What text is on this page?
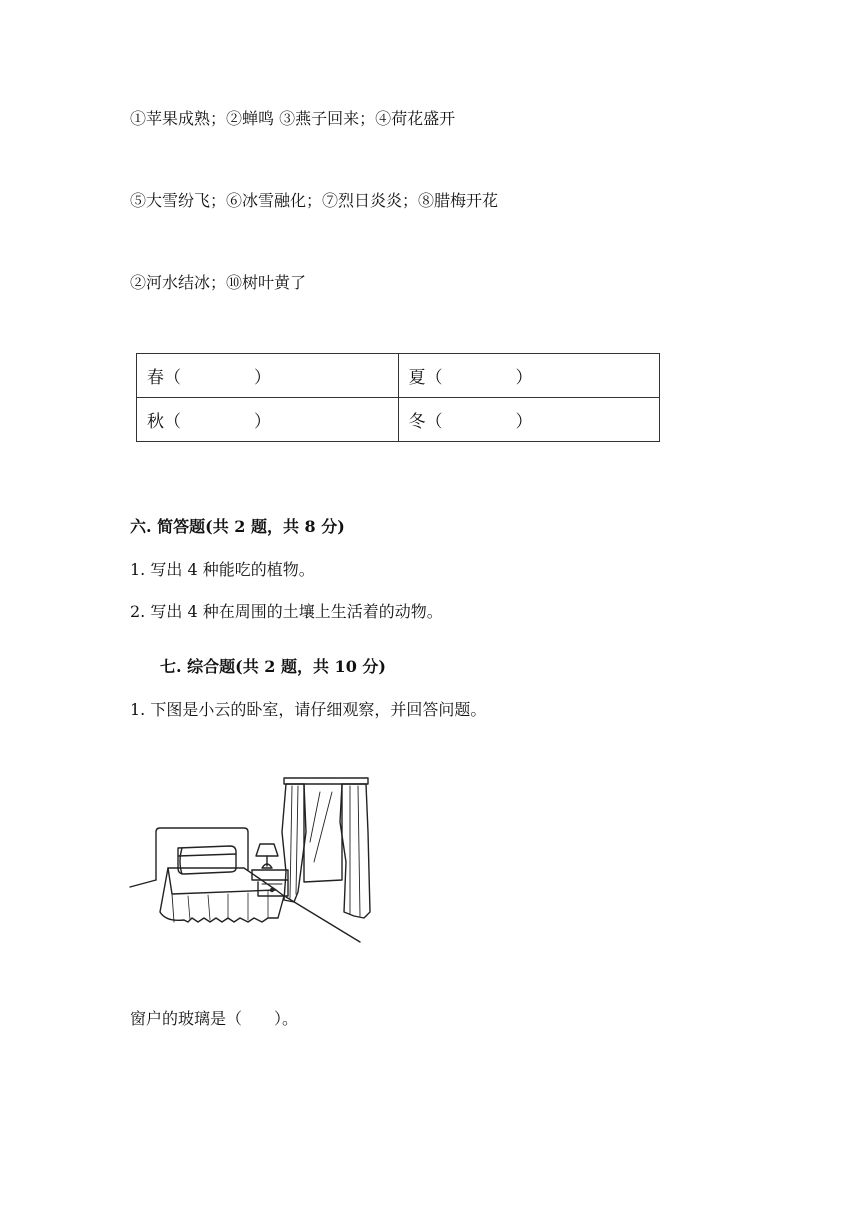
①苹果成熟；②蝉鸣 ③燕子回来；④荷花盛开
⑤大雪纷飞；⑥冰雪融化；⑦烈日炎炎；⑧腊梅开花
②河水结冰；⑩树叶黄了
春（ ）	夏（ ）
秋（ ）	冬（ ）
六. 简答题(共 2 题，共 8 分)
1. 写出 4 种能吃的植物。
2. 写出 4 种在周围的土壤上生活着的动物。
七. 综合题(共 2 题，共 10 分)
1. 下图是小云的卧室，请仔细观察，并回答问题。
窗户的玻璃是（　　）。
